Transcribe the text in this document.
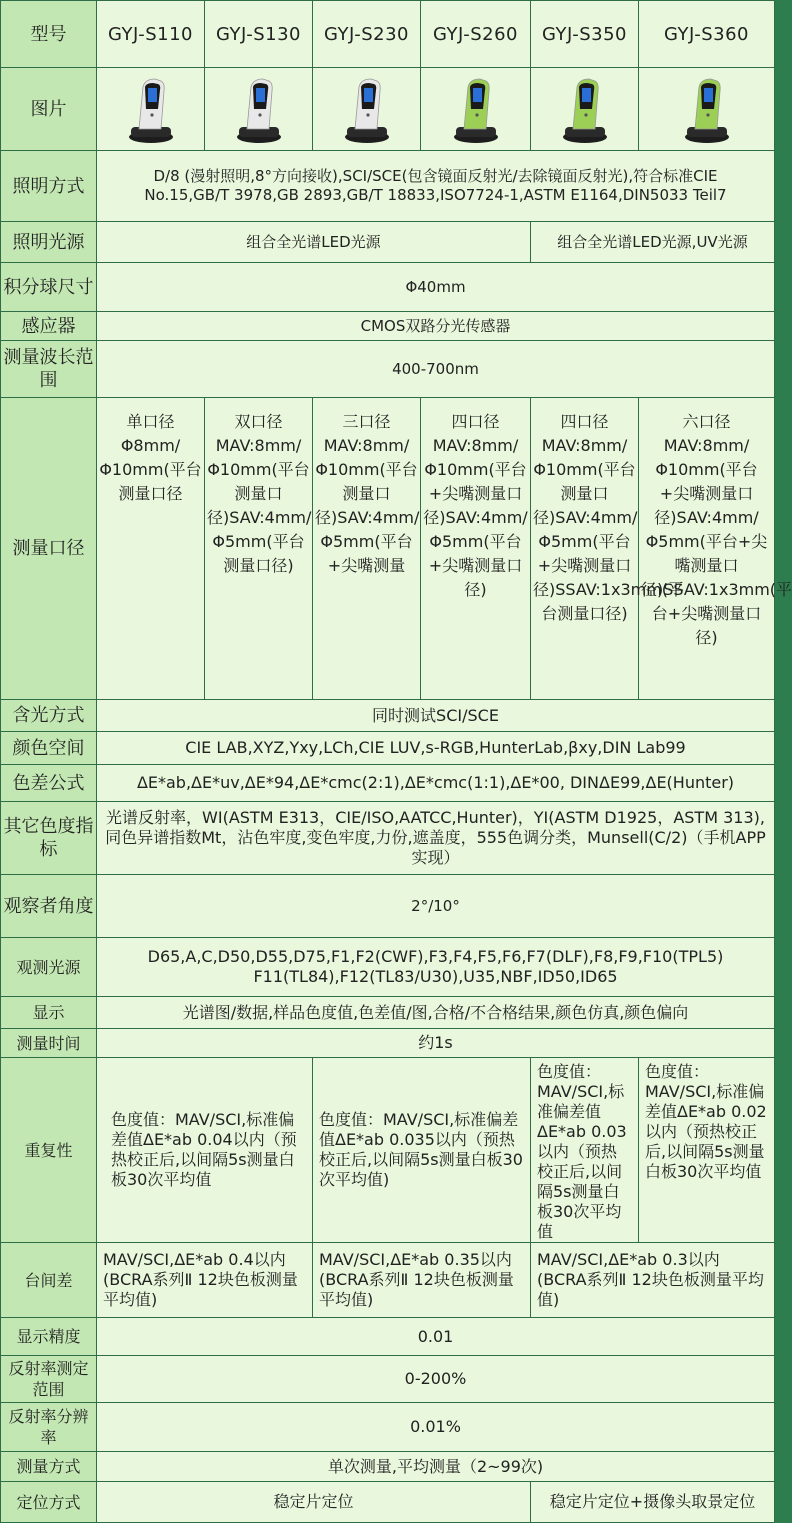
型号	GYJ-S110	GYJ-S130	GYJ-S230	GYJ-S260	GYJ-S350	GYJ-S360
图片	

照明方式	D/8 (漫射照明,8°方向接收),SCI/SCE(包含镜面反射光/去除镜面反射光),符合标准CIE No.15,GB/T 3978,GB 2893,GB/T 18833,ISO7724-1,ASTM E1164,DIN5033 Teil7					
照明光源	组合全光谱LED光源				组合全光谱LED光源,UV光源	
积分球尺寸	Φ40mm					
感应器	CMOS双路分光传感器					
测量波长范围	400-700nm					
测量口径	单口径Φ8mm/Φ10mm(平台测量口径	双口径MAV:8mm/Φ10mm(平台测量口径)SAV:4mm/Φ5mm(平台测量口径)	三口径MAV:8mm/Φ10mm(平台测量口径)SAV:4mm/Φ5mm(平台+尖嘴测量	四口径MAV:8mm/Φ10mm(平台+尖嘴测量口径)SAV:4mm/Φ5mm(平台+尖嘴测量口径)	四口径MAV:8mm/Φ10mm(平台测量口径)SAV:4mm/Φ5mm(平台+尖嘴测量口径)SSAV:1x3mm(平台测量口径)	六口径MAV:8mm/Φ10mm(平台+尖嘴测量口径)SAV:4mm/Φ5mm(平台+尖嘴测量口径)SSAV:1x3mm(平台+尖嘴测量口径)
含光方式	同时测试SCI/SCE					
颜色空间	CIE LAB,XYZ,Yxy,LCh,CIE LUV,s-RGB,HunterLab,βxy,DIN Lab99					
色差公式	ΔE*ab,ΔE*uv,ΔE*94,ΔE*cmc(2:1),ΔE*cmc(1:1),ΔE*00, DINΔE99,ΔE(Hunter)					
其它色度指标	光谱反射率，WI(ASTM E313，CIE/ISO,AATCC,Hunter)，YI(ASTM D1925，ASTM 313),同色异谱指数Mt，沾色牢度,变色牢度,力份,遮盖度，555色调分类，Munsell(C/2)（手机APP实现）					
观察者角度	2°/10°					
观测光源	D65,A,C,D50,D55,D75,F1,F2(CWF),F3,F4,F5,F6,F7(DLF),F8,F9,F10(TPL5) F11(TL84),F12(TL83/U30),U35,NBF,ID50,ID65					
显示	光谱图/数据,样品色度值,色差值/图,合格/不合格结果,颜色仿真,颜色偏向					
测量时间	约1s					
重复性	色度值：MAV/SCI,标准偏差值ΔE*ab 0.04以内（预热校正后,以间隔5s测量白板30次平均值		色度值：MAV/SCI,标准偏差值ΔE*ab 0.035以内（预热校正后,以间隔5s测量白板30次平均值)		色度值：MAV/SCI,标准偏差值ΔE*ab 0.03以内（预热校正后,以间隔5s测量白板30次平均值	色度值：MAV/SCI,标准偏差值ΔE*ab 0.02以内（预热校正后,以间隔5s测量白板30次平均值
台间差	MAV/SCI,ΔE*ab 0.4以内(BCRA系列Ⅱ 12块色板测量平均值)		MAV/SCI,ΔE*ab 0.35以内(BCRA系列Ⅱ 12块色板测量平均值)		MAV/SCI,ΔE*ab 0.3以内(BCRA系列Ⅱ 12块色板测量平均值)	
显示精度	0.01					
反射率测定范围	0-200%					
反射率分辨率	0.01%					
测量方式	单次测量,平均测量（2~99次)					
定位方式	稳定片定位				稳定片定位+摄像头取景定位	
